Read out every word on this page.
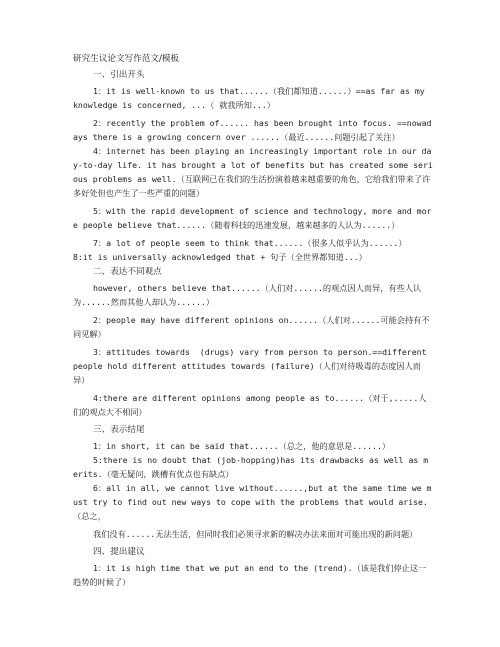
研究生议论文写作范文/模板

一、引出开头

1：it is well-known to us that......（我们都知道......）==as far as my knowledge is concerned, ...（ 就我所知...）

2：recently the problem of...... has been brought into focus. ==nowadays there is a growing concern over ......（最近......问题引起了关注）

4：internet has been playing an increasingly important role in our day-to-day life. it has brought a lot of benefits but has created some serious problems as well.（互联网已在我们的生活扮演着越来越重要的角色，它给我们带来了许多好处但也产生了一些严重的问题）

5：with the rapid development of science and technology, more and more people believe that......（随着科技的迅速发展，越来越多的人认为......）

7：a lot of people seem to think that......（很多人似乎认为......）

8:it is universally acknowledged that + 句子（全世界都知道...）

二、表达不同观点

however, others believe that......（人们对......的观点因人而异，有些人认为......然而其他人却认为......）

2：people may have different opinions on......（人们对......可能会持有不同见解）

3：attitudes towards  (drugs) vary from person to person.==different people hold different attitudes towards (failure)（人们对待吸毒的态度因人而异）

4:there are different opinions among people as to......（对于,.....人们的观点大不相同）

三、表示结尾

1：in short, it can be said that......（总之，他的意思是......）

5:there is no doubt that (job-hopping)has its drawbacks as well as merits.（毫无疑问，跳槽有优点也有缺点）

6：all in all, we cannot live without......,but at the same time we must try to find out new ways to cope with the problems that would arise.（总之，

我们没有......无法生活，但同时我们必须寻求新的解决办法来面对可能出现的新问题）

四、提出建议

1：it is high time that we put an end to the (trend).（该是我们停止这一趋势的时候了）
